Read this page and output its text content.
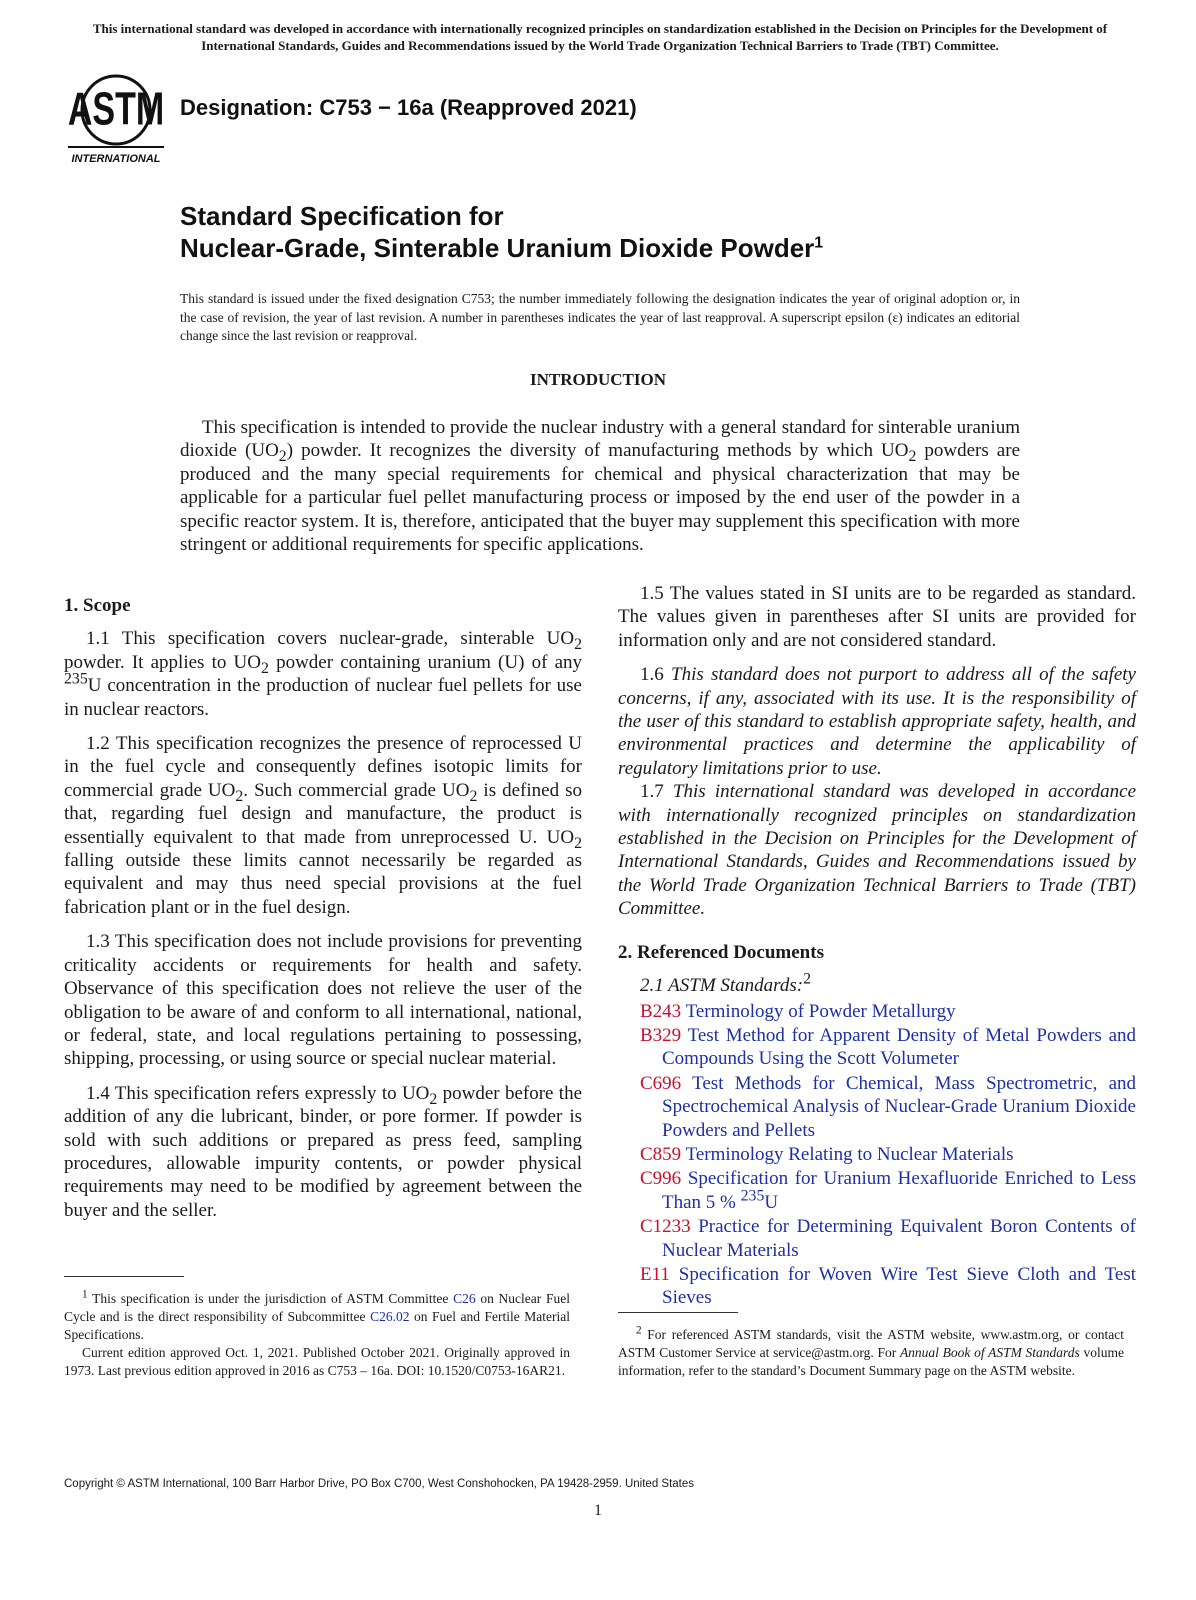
This international standard was developed in accordance with internationally recognized principles on standardization established in the Decision on Principles for the Development of International Standards, Guides and Recommendations issued by the World Trade Organization Technical Barriers to Trade (TBT) Committee.
ASTM
INTERNATIONAL
Designation: C753 − 16a (Reapproved 2021)
Standard Specification for
Nuclear-Grade, Sinterable Uranium Dioxide Powder$^1$
This standard is issued under the fixed designation C753; the number immediately following the designation indicates the year of original adoption or, in the case of revision, the year of last revision. A number in parentheses indicates the year of last reapproval. A superscript epsilon (ε) indicates an editorial change since the last revision or reapproval.
INTRODUCTION
This specification is intended to provide the nuclear industry with a general standard for sinterable uranium dioxide $(UO_2)$ powder. It recognizes the diversity of manufacturing methods by which $UO_2$ powders are produced and the many special requirements for chemical and physical characterization that may be applicable for a particular fuel pellet manufacturing process or imposed by the end user of the powder in a specific reactor system. It is, therefore, anticipated that the buyer may supplement this specification with more stringent or additional requirements for specific applications.
1. Scope

1.1 This specification covers nuclear-grade, sinterable $UO_2$ powder. It applies to $UO_2$ powder containing uranium (U) of any $^{235}$U concentration in the production of nuclear fuel pellets for use in nuclear reactors.

1.2 This specification recognizes the presence of reprocessed U in the fuel cycle and consequently defines isotopic limits for commercial grade $UO_2$. Such commercial grade $UO_2$ is defined so that, regarding fuel design and manufacture, the product is essentially equivalent to that made from unreprocessed U. $UO_2$ falling outside these limits cannot necessarily be regarded as equivalent and may thus need special provisions at the fuel fabrication plant or in the fuel design.

1.3 This specification does not include provisions for preventing criticality accidents or requirements for health and safety. Observance of this specification does not relieve the user of the obligation to be aware of and conform to all international, national, or federal, state, and local regulations pertaining to possessing, shipping, processing, or using source or special nuclear material.

1.4 This specification refers expressly to $UO_2$ powder before the addition of any die lubricant, binder, or pore former. If powder is sold with such additions or prepared as press feed, sampling procedures, allowable impurity contents, or powder physical requirements may need to be modified by agreement between the buyer and the seller.

1.5 The values stated in SI units are to be regarded as standard. The values given in parentheses after SI units are provided for information only and are not considered standard.

1.6 This standard does not purport to address all of the safety concerns, if any, associated with its use. It is the responsibility of the user of this standard to establish appropriate safety, health, and environmental practices and determine the applicability of regulatory limitations prior to use.

1.7 This international standard was developed in accordance with internationally recognized principles on standardization established in the Decision on Principles for the Development of International Standards, Guides and Recommendations issued by the World Trade Organization Technical Barriers to Trade (TBT) Committee.

2. Referenced Documents
2.1 ASTM Standards:$^2$
B243 Terminology of Powder Metallurgy
B329 Test Method for Apparent Density of Metal Powders and Compounds Using the Scott Volumeter
C696 Test Methods for Chemical, Mass Spectrometric, and Spectrochemical Analysis of Nuclear-Grade Uranium Dioxide Powders and Pellets
C859 Terminology Relating to Nuclear Materials
C996 Specification for Uranium Hexafluoride Enriched to Less Than 5 % $^{235}$U
C1233 Practice for Determining Equivalent Boron Contents of Nuclear Materials
E11 Specification for Woven Wire Test Sieve Cloth and Test Sieves

$^1$ This specification is under the jurisdiction of ASTM Committee C26 on Nuclear Fuel Cycle and is the direct responsibility of Subcommittee C26.02 on Fuel and Fertile Material Specifications.

Current edition approved Oct. 1, 2021. Published October 2021. Originally approved in 1973. Last previous edition approved in 2016 as C753 – 16a. DOI: 10.1520/C0753-16AR21.

$^2$ For referenced ASTM standards, visit the ASTM website, www.astm.org, or contact ASTM Customer Service at service@astm.org. For Annual Book of ASTM Standards volume information, refer to the standard’s Document Summary page on the ASTM website.

Copyright © ASTM International, 100 Barr Harbor Drive, PO Box C700, West Conshohocken, PA 19428-2959. United States
1
